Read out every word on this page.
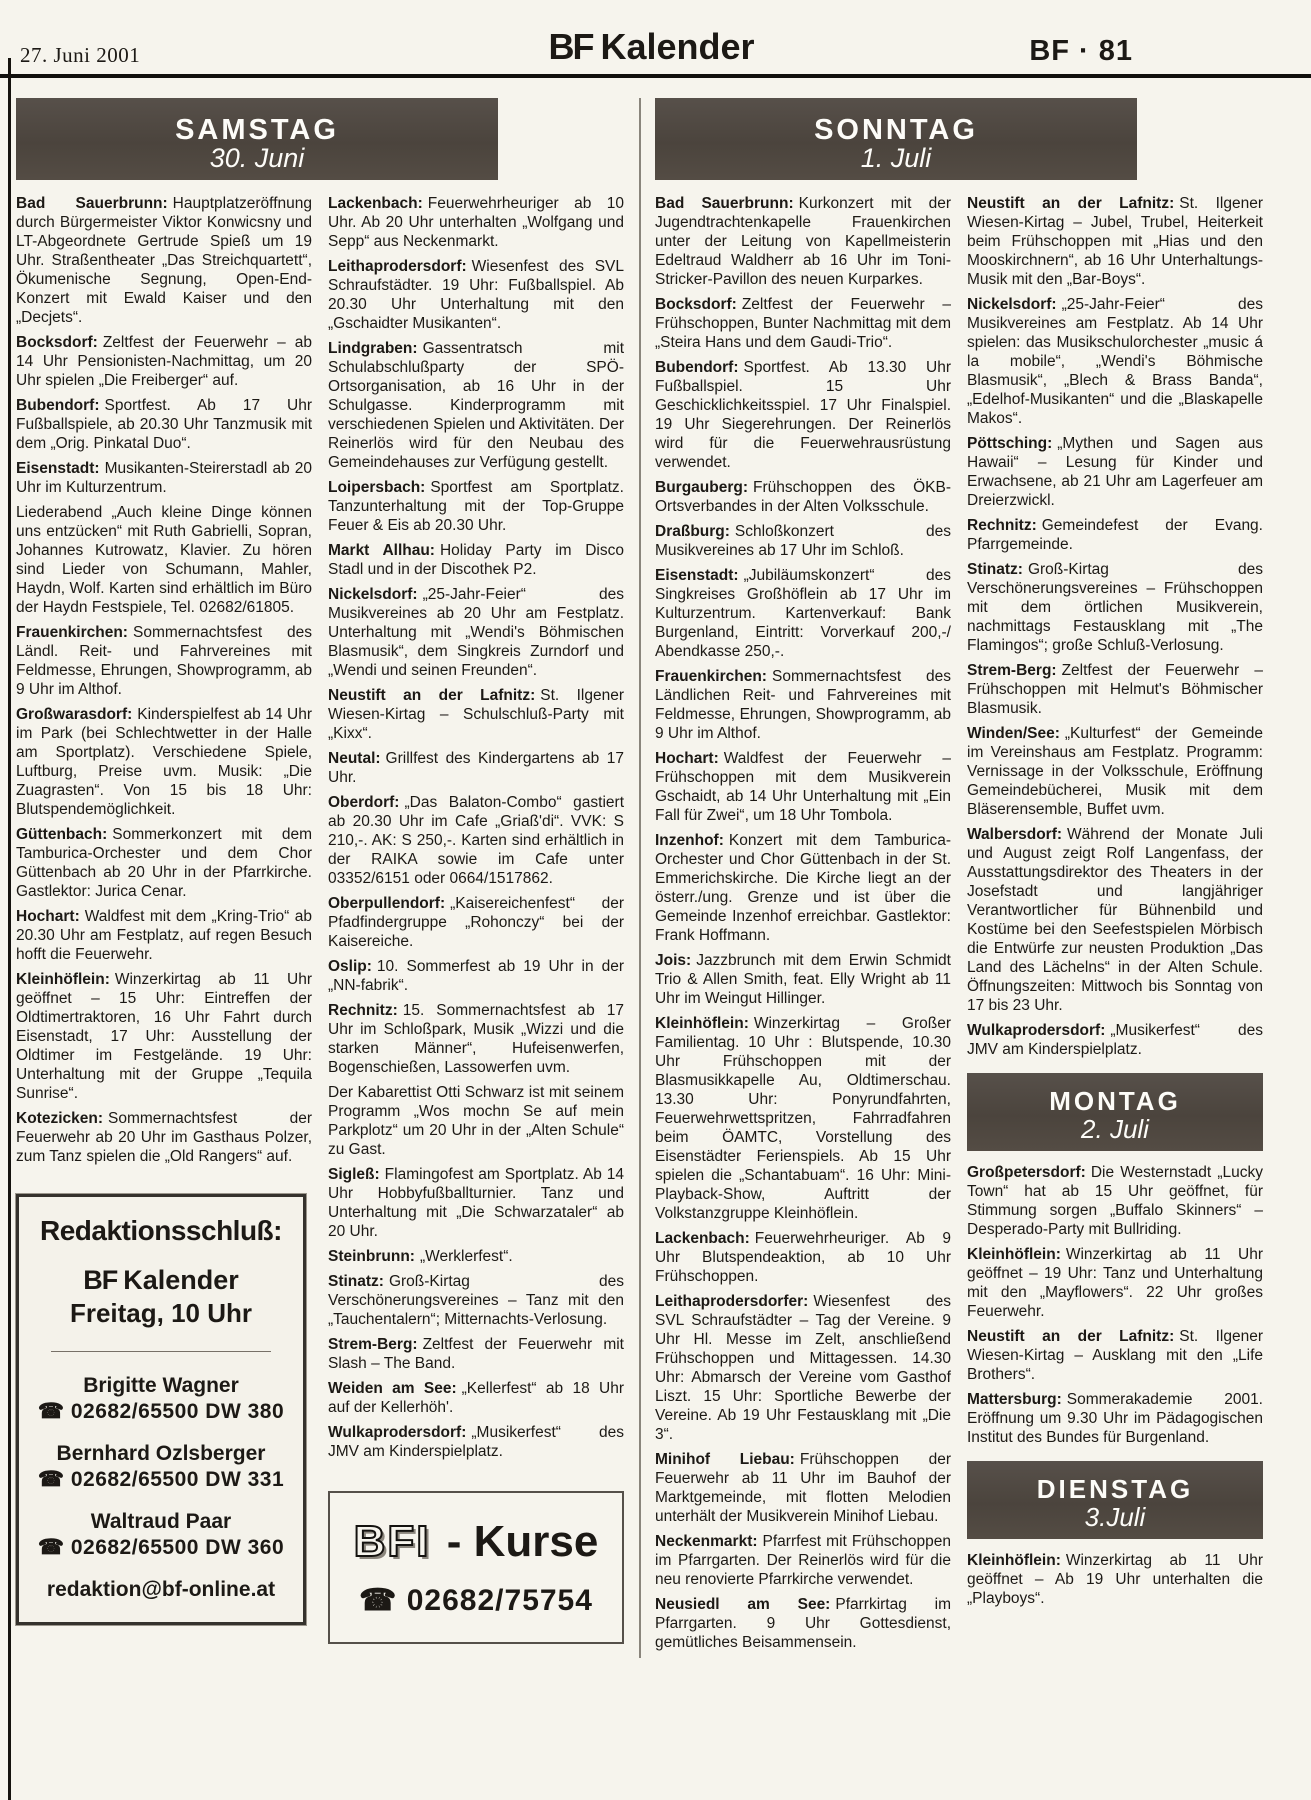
27. Juni 2001	BF Kalender	BF · 81
samstag
30. Juni

Bad Sauerbrunn: Hauptplatzeröffnung durch Bürgermeister Viktor Konwicsny und LT-Abgeordnete Gertrude Spieß um 19 Uhr. Straßentheater „Das Streichquartett“, Ökumenische Segnung, Open-End-Konzert mit Ewald Kaiser und den „Decjets“.

Bocksdorf: Zeltfest der Feuerwehr – ab 14 Uhr Pensionisten-Nachmittag, um 20 Uhr spielen „Die Freiberger“ auf.

Bubendorf: Sportfest. Ab 17 Uhr Fußballspiele, ab 20.30 Uhr Tanzmusik mit dem „Orig. Pinkatal Duo“.

Eisenstadt: Musikanten-Steirerstadl ab 20 Uhr im Kulturzentrum.

Liederabend „Auch kleine Dinge können uns entzücken“ mit Ruth Gabrielli, Sopran, Johannes Kutrowatz, Klavier. Zu hören sind Lieder von Schumann, Mahler, Haydn, Wolf. Karten sind erhältlich im Büro der Haydn Festspiele, Tel. 02682/61805.

Frauenkirchen: Sommernachtsfest des Ländl. Reit- und Fahrvereines mit Feldmesse, Ehrungen, Showprogramm, ab 9 Uhr im Althof.

Großwarasdorf: Kinderspielfest ab 14 Uhr im Park (bei Schlechtwetter in der Halle am Sportplatz). Verschiedene Spiele, Luftburg, Preise uvm. Musik: „Die Zuagrasten“. Von 15 bis 18 Uhr: Blutspendemöglichkeit.

Güttenbach: Sommerkonzert mit dem Tamburica-Orchester und dem Chor Güttenbach ab 20 Uhr in der Pfarrkirche. Gastlektor: Jurica Cenar.

Hochart: Waldfest mit dem „Kring-Trio“ ab 20.30 Uhr am Festplatz, auf regen Besuch hofft die Feuerwehr.

Kleinhöflein: Winzerkirtag ab 11 Uhr geöffnet – 15 Uhr: Eintreffen der Oldtimertraktoren, 16 Uhr Fahrt durch Eisenstadt, 17 Uhr: Ausstellung der Oldtimer im Festgelände. 19 Uhr: Unterhaltung mit der Gruppe „Tequila Sunrise“.

Kotezicken: Sommernachtsfest der Feuerwehr ab 20 Uhr im Gasthaus Polzer, zum Tanz spielen die „Old Rangers“ auf.

Redaktionsschluß:
BF Kalender
Freitag, 10 Uhr
Brigitte Wagner
☎ 02682/65500 DW 380
Bernhard Ozlsberger
☎ 02682/65500 DW 331
Waltraud Paar
☎ 02682/65500 DW 360
redaktion@bf-online.at

Lackenbach: Feuerwehrheuriger ab 10 Uhr. Ab 20 Uhr unterhalten „Wolfgang und Sepp“ aus Neckenmarkt.

Leithaprodersdorf: Wiesenfest des SVL Schraufstädter. 19 Uhr: Fußballspiel. Ab 20.30 Uhr Unterhaltung mit den „Gschaidter Musikanten“.

Lindgraben: Gassentratsch mit Schulabschlußparty der SPÖ-Ortsorganisation, ab 16 Uhr in der Schulgasse. Kinderprogramm mit verschiedenen Spielen und Aktivitäten. Der Reinerlös wird für den Neubau des Gemeindehauses zur Verfügung gestellt.

Loipersbach: Sportfest am Sportplatz. Tanzunterhaltung mit der Top-Gruppe Feuer & Eis ab 20.30 Uhr.

Markt Allhau: Holiday Party im Disco Stadl und in der Discothek P2.

Nickelsdorf: „25-Jahr-Feier“ des Musikvereines ab 20 Uhr am Festplatz. Unterhaltung mit „Wendi's Böhmischen Blasmusik“, dem Singkreis Zurndorf und „Wendi und seinen Freunden“.

Neustift an der Lafnitz: St. Ilgener Wiesen-Kirtag – Schulschluß-Party mit „Kixx“.

Neutal: Grillfest des Kindergartens ab 17 Uhr.

Oberdorf: „Das Balaton-Combo“ gastiert ab 20.30 Uhr im Cafe „Griaß'di“. VVK: S 210,-. AK: S 250,-. Karten sind erhältlich in der RAIKA sowie im Cafe unter 03352/6151 oder 0664/1517862.

Oberpullendorf: „Kaisereichenfest“ der Pfadfindergruppe „Rohonczy“ bei der Kaisereiche.

Oslip: 10. Sommerfest ab 19 Uhr in der „NN-fabrik“.

Rechnitz: 15. Sommernachtsfest ab 17 Uhr im Schloßpark, Musik „Wizzi und die starken Männer“, Hufeisenwerfen, Bogenschießen, Lassowerfen uvm.

Der Kabarettist Otti Schwarz ist mit seinem Programm „Wos mochn Se auf mein Parkplotz“ um 20 Uhr in der „Alten Schule“ zu Gast.

Sigleß: Flamingofest am Sportplatz. Ab 14 Uhr Hobbyfußballturnier. Tanz und Unterhaltung mit „Die Schwarzataler“ ab 20 Uhr.

Steinbrunn: „Werklerfest“.

Stinatz: Groß-Kirtag des Verschönerungsvereines – Tanz mit den „Tauchentalern“; Mitternachts-Verlosung.

Strem-Berg: Zeltfest der Feuerwehr mit Slash – The Band.

Weiden am See: „Kellerfest“ ab 18 Uhr auf der Kellerhöh'.

Wulkaprodersdorf: „Musikerfest“ des JMV am Kinderspielplatz.

BFI - Kurse
☎ 02682/75754
sonntag
1. Juli

Bad Sauerbrunn: Kurkonzert mit der Jugendtrachtenkapelle Frauenkirchen unter der Leitung von Kapellmeisterin Edeltraud Waldherr ab 16 Uhr im Toni-Stricker-Pavillon des neuen Kurparkes.

Bocksdorf: Zeltfest der Feuerwehr – Frühschoppen, Bunter Nachmittag mit dem „Steira Hans und dem Gaudi-Trio“.

Bubendorf: Sportfest. Ab 13.30 Uhr Fußballspiel. 15 Uhr Geschicklichkeitsspiel. 17 Uhr Finalspiel. 19 Uhr Siegerehrungen. Der Reinerlös wird für die Feuerwehrausrüstung verwendet.

Burgauberg: Frühschoppen des ÖKB-Ortsverbandes in der Alten Volksschule.

Draßburg: Schloßkonzert des Musikvereines ab 17 Uhr im Schloß.

Eisenstadt: „Jubiläumskonzert“ des Singkreises Großhöflein ab 17 Uhr im Kulturzentrum. Kartenverkauf: Bank Burgenland, Eintritt: Vorverkauf 200,-/ Abendkasse 250,-.

Frauenkirchen: Sommernachtsfest des Ländlichen Reit- und Fahrvereines mit Feldmesse, Ehrungen, Showprogramm, ab 9 Uhr im Althof.

Hochart: Waldfest der Feuerwehr – Frühschoppen mit dem Musikverein Gschaidt, ab 14 Uhr Unterhaltung mit „Ein Fall für Zwei“, um 18 Uhr Tombola.

Inzenhof: Konzert mit dem Tamburica-Orchester und Chor Güttenbach in der St. Emmerichskirche. Die Kirche liegt an der österr./ung. Grenze und ist über die Gemeinde Inzenhof erreichbar. Gastlektor: Frank Hoffmann.

Jois: Jazzbrunch mit dem Erwin Schmidt Trio & Allen Smith, feat. Elly Wright ab 11 Uhr im Weingut Hillinger.

Kleinhöflein: Winzerkirtag – Großer Familientag. 10 Uhr : Blutspende, 10.30 Uhr Frühschoppen mit der Blasmusikkapelle Au, Oldtimerschau. 13.30 Uhr: Ponyrundfahrten, Feuerwehrwettspritzen, Fahrradfahren beim ÖAMTC, Vorstellung des Eisenstädter Ferienspiels. Ab 15 Uhr spielen die „Schantabuam“. 16 Uhr: Mini-Playback-Show, Auftritt der Volkstanzgruppe Kleinhöflein.

Lackenbach: Feuerwehrheuriger. Ab 9 Uhr Blutspendeaktion, ab 10 Uhr Frühschoppen.

Leithaprodersdorfer: Wiesenfest des SVL Schraufstädter – Tag der Vereine. 9 Uhr Hl. Messe im Zelt, anschließend Frühschoppen und Mittagessen. 14.30 Uhr: Abmarsch der Vereine vom Gasthof Liszt. 15 Uhr: Sportliche Bewerbe der Vereine. Ab 19 Uhr Festausklang mit „Die 3“.

Minihof Liebau: Frühschoppen der Feuerwehr ab 11 Uhr im Bauhof der Marktgemeinde, mit flotten Melodien unterhält der Musikverein Minihof Liebau.

Neckenmarkt: Pfarrfest mit Frühschoppen im Pfarrgarten. Der Reinerlös wird für die neu renovierte Pfarrkirche verwendet.

Neusiedl am See: Pfarrkirtag im Pfarrgarten. 9 Uhr Gottesdienst, gemütliches Beisammensein.

Neustift an der Lafnitz: St. Ilgener Wiesen-Kirtag – Jubel, Trubel, Heiterkeit beim Frühschoppen mit „Hias und den Mooskirchnern“, ab 16 Uhr Unterhaltungs-Musik mit den „Bar-Boys“.

Nickelsdorf: „25-Jahr-Feier“ des Musikvereines am Festplatz. Ab 14 Uhr spielen: das Musikschulorchester „music á la mobile“, „Wendi's Böhmische Blasmusik“, „Blech & Brass Banda“, „Edelhof-Musikanten“ und die „Blaskapelle Makos“.

Pöttsching: „Mythen und Sagen aus Hawaii“ – Lesung für Kinder und Erwachsene, ab 21 Uhr am Lagerfeuer am Dreierzwickl.

Rechnitz: Gemeindefest der Evang. Pfarrgemeinde.

Stinatz: Groß-Kirtag des Verschönerungsvereines – Frühschoppen mit dem örtlichen Musikverein, nachmittags Festausklang mit „The Flamingos“; große Schluß-Verlosung.

Strem-Berg: Zeltfest der Feuerwehr – Frühschoppen mit Helmut's Böhmischer Blasmusik.

Winden/See: „Kulturfest“ der Gemeinde im Vereinshaus am Festplatz. Programm: Vernissage in der Volksschule, Eröffnung Gemeindebücherei, Musik mit dem Bläserensemble, Buffet uvm.

Walbersdorf: Während der Monate Juli und August zeigt Rolf Langenfass, der Ausstattungsdirektor des Theaters in der Josefstadt und langjähriger Verantwortlicher für Bühnenbild und Kostüme bei den Seefestspielen Mörbisch die Entwürfe zur neusten Produktion „Das Land des Lächelns“ in der Alten Schule. Öffnungszeiten: Mittwoch bis Sonntag von 17 bis 23 Uhr.

Wulkaprodersdorf: „Musikerfest“ des JMV am Kinderspielplatz.

montag
2. Juli

Großpetersdorf: Die Westernstadt „Lucky Town“ hat ab 15 Uhr geöffnet, für Stimmung sorgen „Buffalo Skinners“ – Desperado-Party mit Bullriding.

Kleinhöflein: Winzerkirtag ab 11 Uhr geöffnet – 19 Uhr: Tanz und Unterhaltung mit den „Mayflowers“. 22 Uhr großes Feuerwehr.

Neustift an der Lafnitz: St. Ilgener Wiesen-Kirtag – Ausklang mit den „Life Brothers“.

Mattersburg: Sommerakademie 2001. Eröffnung um 9.30 Uhr im Pädagogischen Institut des Bundes für Burgenland.

dienstag
3.Juli

Kleinhöflein: Winzerkirtag ab 11 Uhr geöffnet – Ab 19 Uhr unterhalten die „Playboys“.
